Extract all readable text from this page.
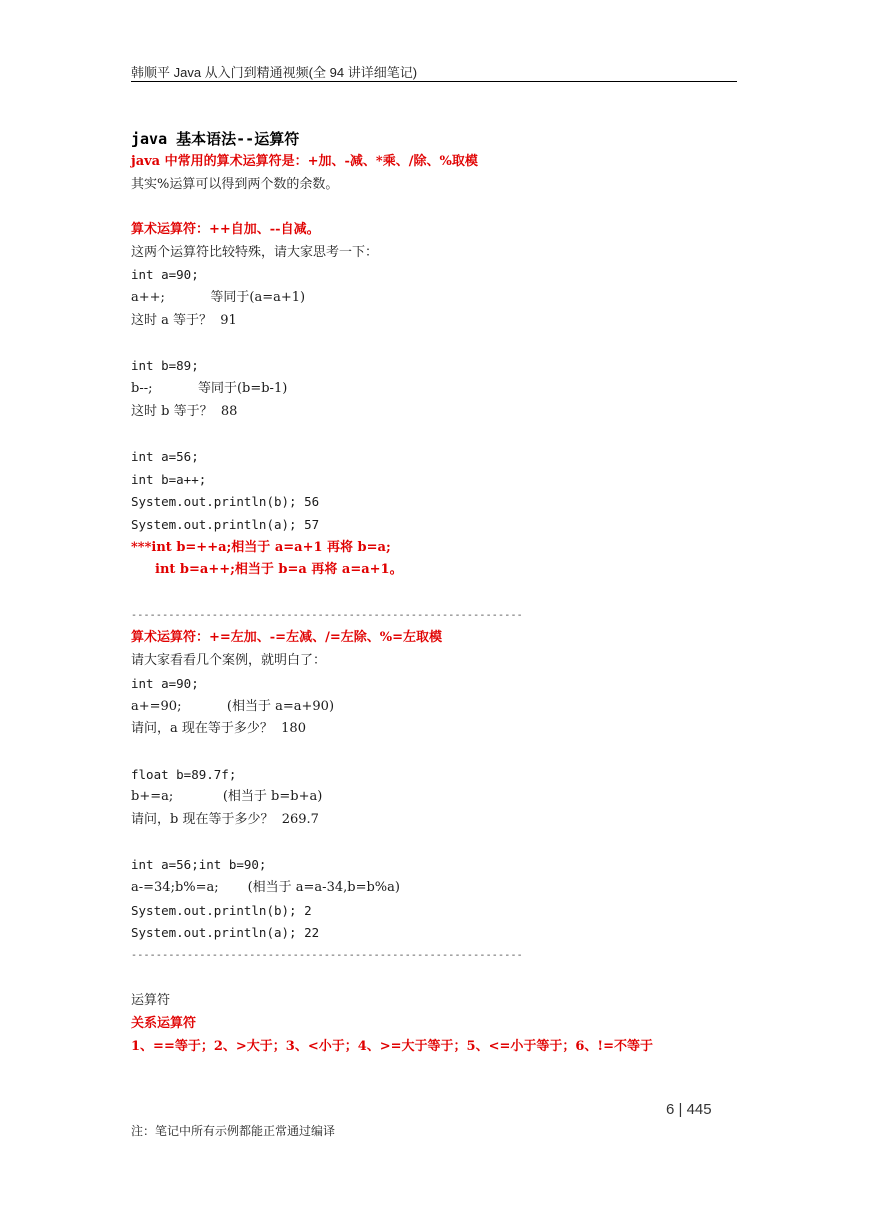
韩顺平 Java 从入门到精通视频(全 94 讲详细笔记)
java 基本语法--运算符
java 中常用的算术运算符是：+加、-减、*乘、/除、%取模
其实%运算可以得到两个数的余数。
算术运算符：++自加、--自减。
这两个运算符比较特殊，请大家思考一下：
int a=90;
a++;           等同于(a=a+1)
这时 a 等于？  91
int b=89;
b--;           等同于(b=b-1)
这时 b 等于？  88
int a=56;
int b=a++;
System.out.println(b); 56
System.out.println(a); 57
***int b=++a;相当于 a=a+1 再将 b=a;
int b=a++;相当于 b=a 再将 a=a+1。
---------------------------------------------------------------
算术运算符：+=左加、-=左减、/=左除、%=左取模
请大家看看几个案例，就明白了：
int a=90;
a+=90;           (相当于 a=a+90)
请问，a 现在等于多少？  180
float b=89.7f;
b+=a;            (相当于 b=b+a)
请问，b 现在等于多少？  269.7
int a=56;int b=90;
a-=34;b%=a;       (相当于 a=a-34,b=b%a)
System.out.println(b); 2
System.out.println(a); 22
---------------------------------------------------------------
运算符
关系运算符
1、==等于；2、>大于；3、<小于；4、>=大于等于；5、<=小于等于；6、!=不等于
6 | 445
注：笔记中所有示例都能正常通过编译
